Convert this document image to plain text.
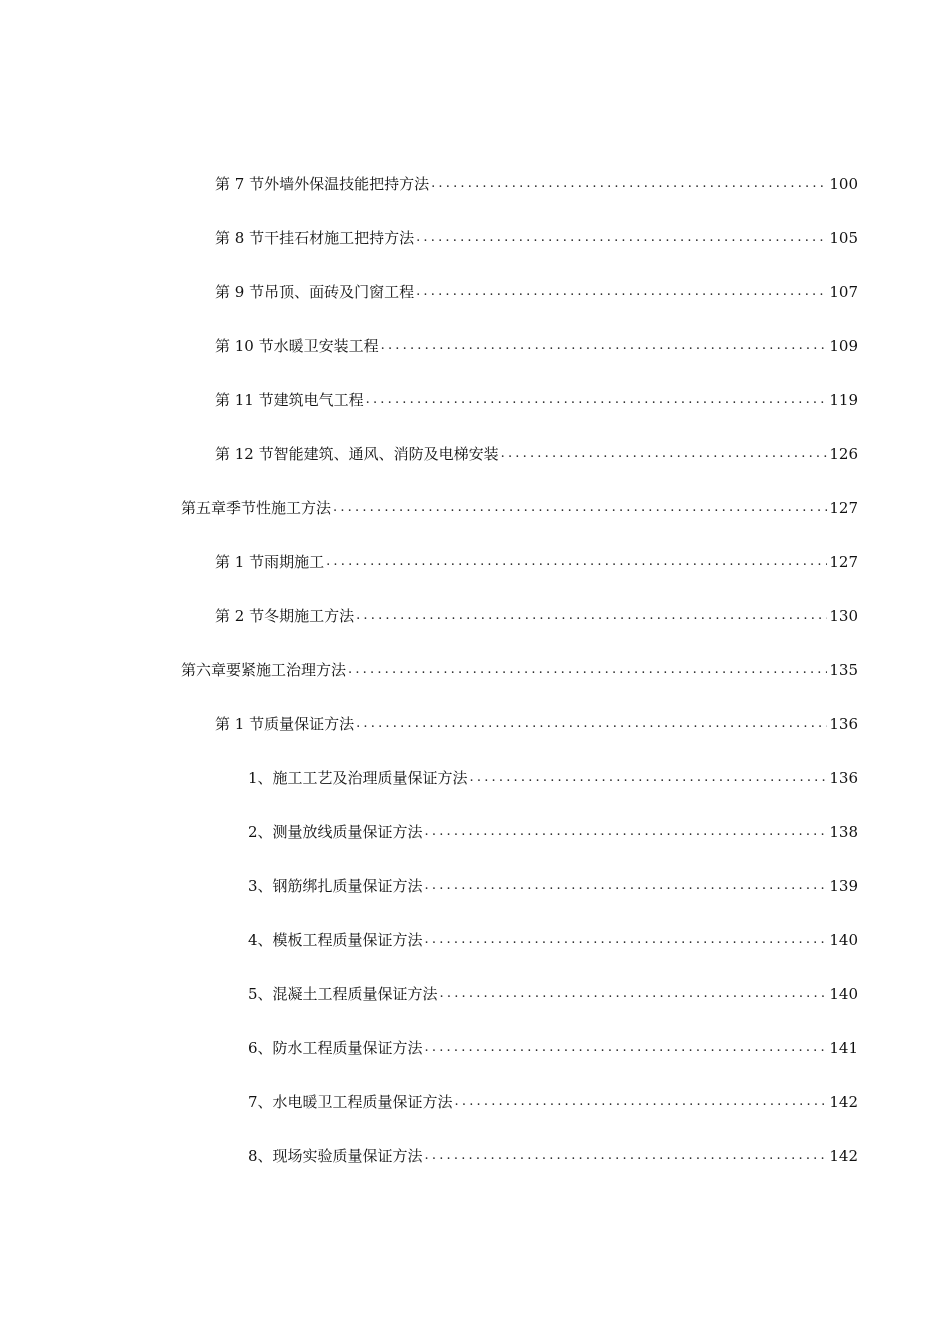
第 7 节外墙外保温技能把持方法 .....	100
第 8 节干挂石材施工把持方法 .....	105
第 9 节吊顶、面砖及门窗工程 .....	107
第 10 节水暖卫安装工程 .....	109
第 11 节建筑电气工程 .....	119
第 12 节智能建筑、通风、消防及电梯安装 .....	126
第五章季节性施工方法 .....	127
第 1 节雨期施工 .....	127
第 2 节冬期施工方法 .....	130
第六章要紧施工治理方法 .....	135
第 1 节质量保证方法 .....	136
1、施工工艺及治理质量保证方法 .....	136
2、测量放线质量保证方法 .....	138
3、钢筋绑扎质量保证方法 .....	139
4、模板工程质量保证方法 .....	140
5、混凝土工程质量保证方法 .....	140
6、防水工程质量保证方法 .....	141
7、水电暖卫工程质量保证方法 .....	142
8、现场实验质量保证方法 .....	142
